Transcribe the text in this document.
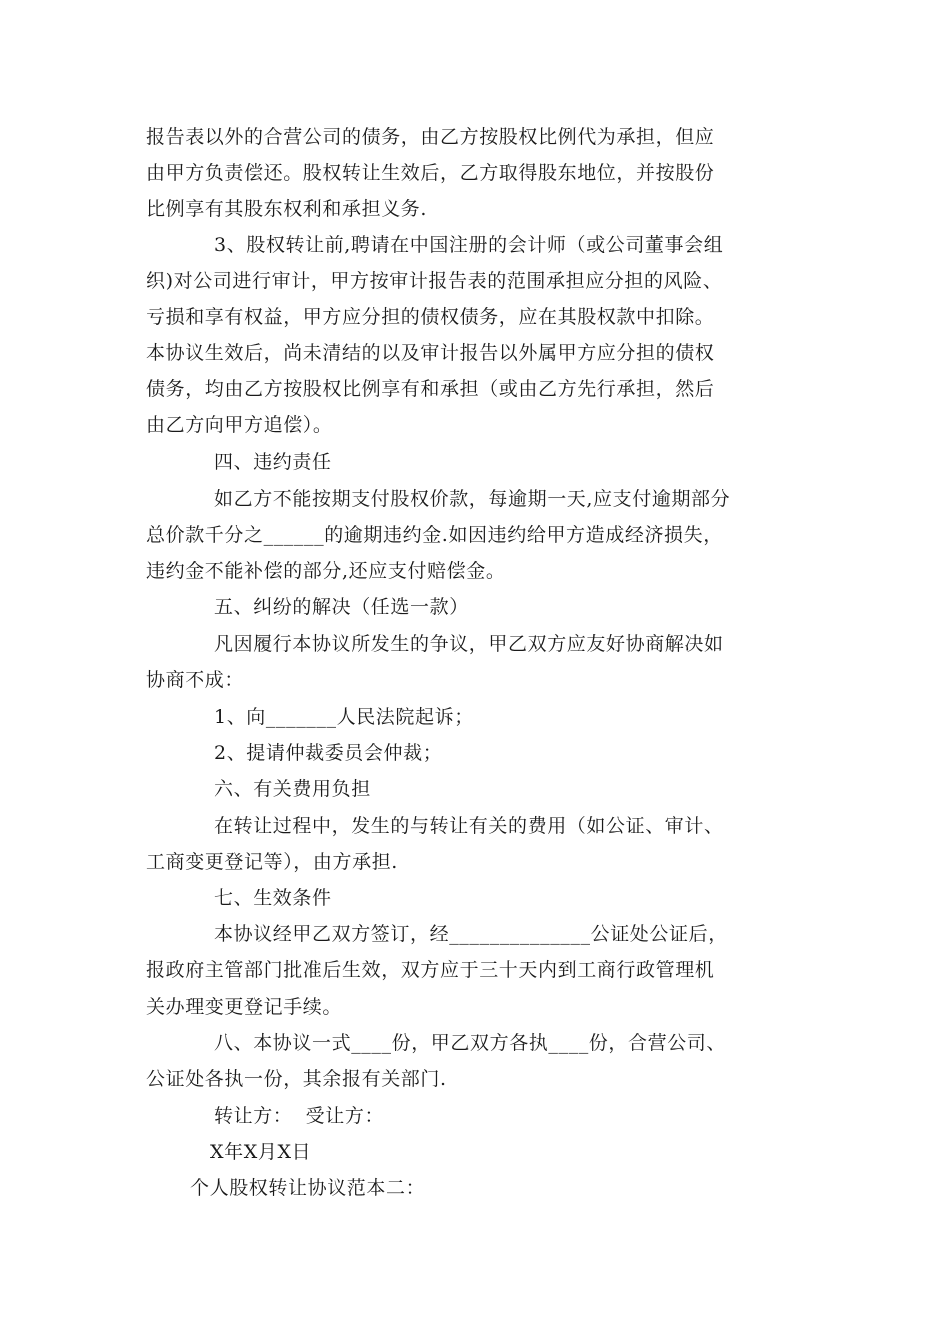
报告表以外的合营公司的债务，由乙方按股权比例代为承担，但应
由甲方负责偿还。股权转让生效后，乙方取得股东地位，并按股份
比例享有其股东权利和承担义务.
3、股权转让前,聘请在中国注册的会计师（或公司董事会组
织)对公司进行审计，甲方按审计报告表的范围承担应分担的风险、
亏损和享有权益，甲方应分担的债权债务，应在其股权款中扣除。
本协议生效后，尚未清结的以及审计报告以外属甲方应分担的债权
债务，均由乙方按股权比例享有和承担（或由乙方先行承担，然后
由乙方向甲方追偿）。
四、违约责任
如乙方不能按期支付股权价款，每逾期一天,应支付逾期部分
总价款千分之______的逾期违约金.如因违约给甲方造成经济损失，
违约金不能补偿的部分,还应支付赔偿金。
五、纠纷的解决（任选一款）
凡因履行本协议所发生的争议，甲乙双方应友好协商解决如
协商不成：
1、向_______人民法院起诉；
2、提请仲裁委员会仲裁；
六、有关费用负担
在转让过程中，发生的与转让有关的费用（如公证、审计、
工商变更登记等），由方承担.
七、生效条件
本协议经甲乙双方签订，经______________公证处公证后，
报政府主管部门批准后生效，双方应于三十天内到工商行政管理机
关办理变更登记手续。
八、本协议一式____份，甲乙双方各执____份，合营公司、
公证处各执一份，其余报有关部门.
转让方：  受让方：
X年X月X日
个人股权转让协议范本二：
